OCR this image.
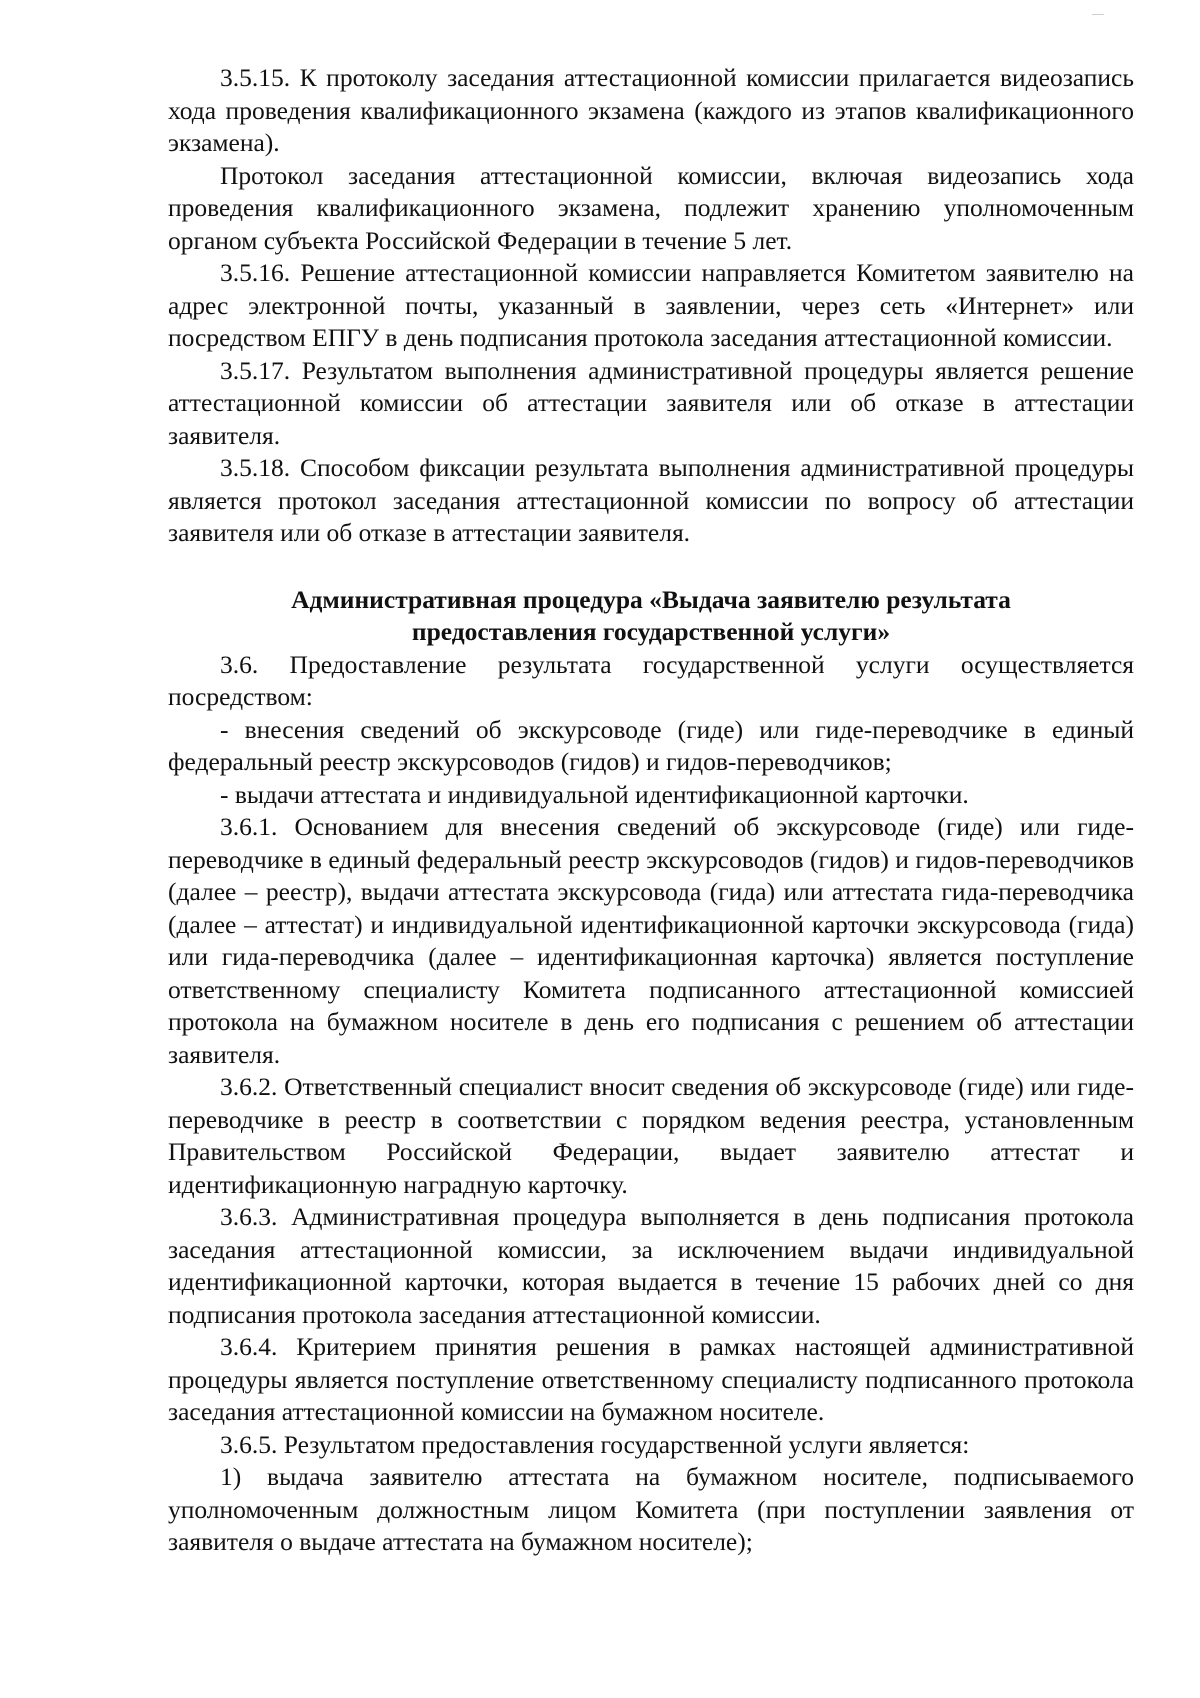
3.5.15. К протоколу заседания аттестационной комиссии прилагается видеозапись хода проведения квалификационного экзамена (каждого из этапов квалификационного экзамена).

Протокол заседания аттестационной комиссии, включая видеозапись хода проведения квалификационного экзамена, подлежит хранению уполномоченным органом субъекта Российской Федерации в течение 5 лет.

3.5.16. Решение аттестационной комиссии направляется Комитетом заявителю на адрес электронной почты, указанный в заявлении, через сеть «Интернет» или посредством ЕПГУ в день подписания протокола заседания аттестационной комиссии.

3.5.17. Результатом выполнения административной процедуры является решение аттестационной комиссии об аттестации заявителя или об отказе в аттестации заявителя.

3.5.18. Способом фиксации результата выполнения административной процедуры является протокол заседания аттестационной комиссии по вопросу об аттестации заявителя или об отказе в аттестации заявителя.

Административная процедура «Выдача заявителю результата

предоставления государственной услуги»

3.6. Предоставление результата государственной услуги осуществляется посредством:

- внесения сведений об экскурсоводе (гиде) или гиде-переводчике в единый федеральный реестр экскурсоводов (гидов) и гидов-переводчиков;

- выдачи аттестата и индивидуальной идентификационной карточки.

3.6.1. Основанием для внесения сведений об экскурсоводе (гиде) или гиде-переводчике в единый федеральный реестр экскурсоводов (гидов) и гидов-переводчиков (далее – реестр), выдачи аттестата экскурсовода (гида) или аттестата гида-переводчика (далее – аттестат) и индивидуальной идентификационной карточки экскурсовода (гида) или гида-переводчика (далее – идентификационная карточка) является поступление ответственному специалисту Комитета подписанного аттестационной комиссией протокола на бумажном носителе в день его подписания с решением об аттестации заявителя.

3.6.2. Ответственный специалист вносит сведения об экскурсоводе (гиде) или гиде-переводчике в реестр в соответствии с порядком ведения реестра, установленным Правительством Российской Федерации, выдает заявителю аттестат и идентификационную наградную карточку.

3.6.3. Административная процедура выполняется в день подписания протокола заседания аттестационной комиссии, за исключением выдачи индивидуальной идентификационной карточки, которая выдается в течение 15 рабочих дней со дня подписания протокола заседания аттестационной комиссии.

3.6.4. Критерием принятия решения в рамках настоящей административной процедуры является поступление ответственному специалисту подписанного протокола заседания аттестационной комиссии на бумажном носителе.

3.6.5. Результатом предоставления государственной услуги является:

1) выдача заявителю аттестата на бумажном носителе, подписываемого уполномоченным должностным лицом Комитета (при поступлении заявления от заявителя о выдаче аттестата на бумажном носителе);
